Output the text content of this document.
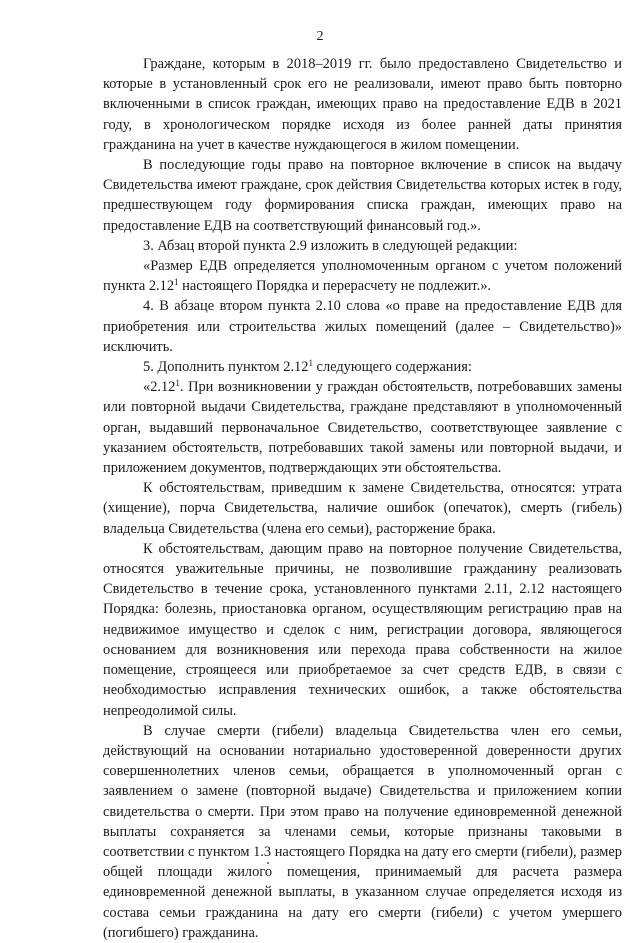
2

Граждане, которым в 2018–2019 гг. было предоставлено Свидетельство и которые в установленный срок его не реализовали, имеют право быть повторно включенными в список граждан, имеющих право на предоставление ЕДВ в 2021 году, в хронологическом порядке исходя из более ранней даты принятия гражданина на учет в качестве нуждающегося в жилом помещении.

В последующие годы право на повторное включение в список на выдачу Свидетельства имеют граждане, срок действия Свидетельства которых истек в году, предшествующем году формирования списка граждан, имеющих право на предоставление ЕДВ на соответствующий финансовый год.».

3. Абзац второй пункта 2.9 изложить в следующей редакции:

«Размер ЕДВ определяется уполномоченным органом с учетом положений пункта 2.12$^1$ настоящего Порядка и перерасчету не подлежит.».

4. В абзаце втором пункта 2.10 слова «о праве на предоставление ЕДВ для приобретения или строительства жилых помещений (далее – Свидетельство)» исключить.

5. Дополнить пунктом 2.12$^1$ следующего содержания:

«2.12$^1$. При возникновении у граждан обстоятельств, потребовавших замены или повторной выдачи Свидетельства, граждане представляют в уполномоченный орган, выдавший первоначальное Свидетельство, соответствующее заявление с указанием обстоятельств, потребовавших такой замены или повторной выдачи, и приложением документов, подтверждающих эти обстоятельства.

К обстоятельствам, приведшим к замене Свидетельства, относятся: утрата (хищение), порча Свидетельства, наличие ошибок (опечаток), смерть (гибель) владельца Свидетельства (члена его семьи), расторжение брака.

К обстоятельствам, дающим право на повторное получение Свидетельства, относятся уважительные причины, не позволившие гражданину реализовать Свидетельство в течение срока, установленного пунктами 2.11, 2.12 настоящего Порядка: болезнь, приостановка органом, осуществляющим регистрацию прав на недвижимое имущество и сделок с ним, регистрации договора, являющегося основанием для возникновения или перехода права собственности на жилое помещение, строящееся или приобретаемое за счет средств ЕДВ, в связи с необходимостью исправления технических ошибок, а также обстоятельства непреодолимой силы.

В случае смерти (гибели) владельца Свидетельства член его семьи, действующий на основании нотариально удостоверенной доверенности других совершеннолетних членов семьи, обращается в уполномоченный орган с заявлением о замене (повторной выдаче) Свидетельства и приложением копии свидетельства о смерти. При этом право на получение единовременной денежной выплаты сохраняется за членами семьи, которые признаны таковыми в соответствии с пунктом 1.3 настоящего Порядка на дату его смерти (гибели), размер общей площади жилого помещения, принимаемый для расчета размера единовременной денежной выплаты, в указанном случае определяется исходя из состава семьи гражданина на дату его смерти (гибели) с учетом умершего (погибшего) гражданина.
